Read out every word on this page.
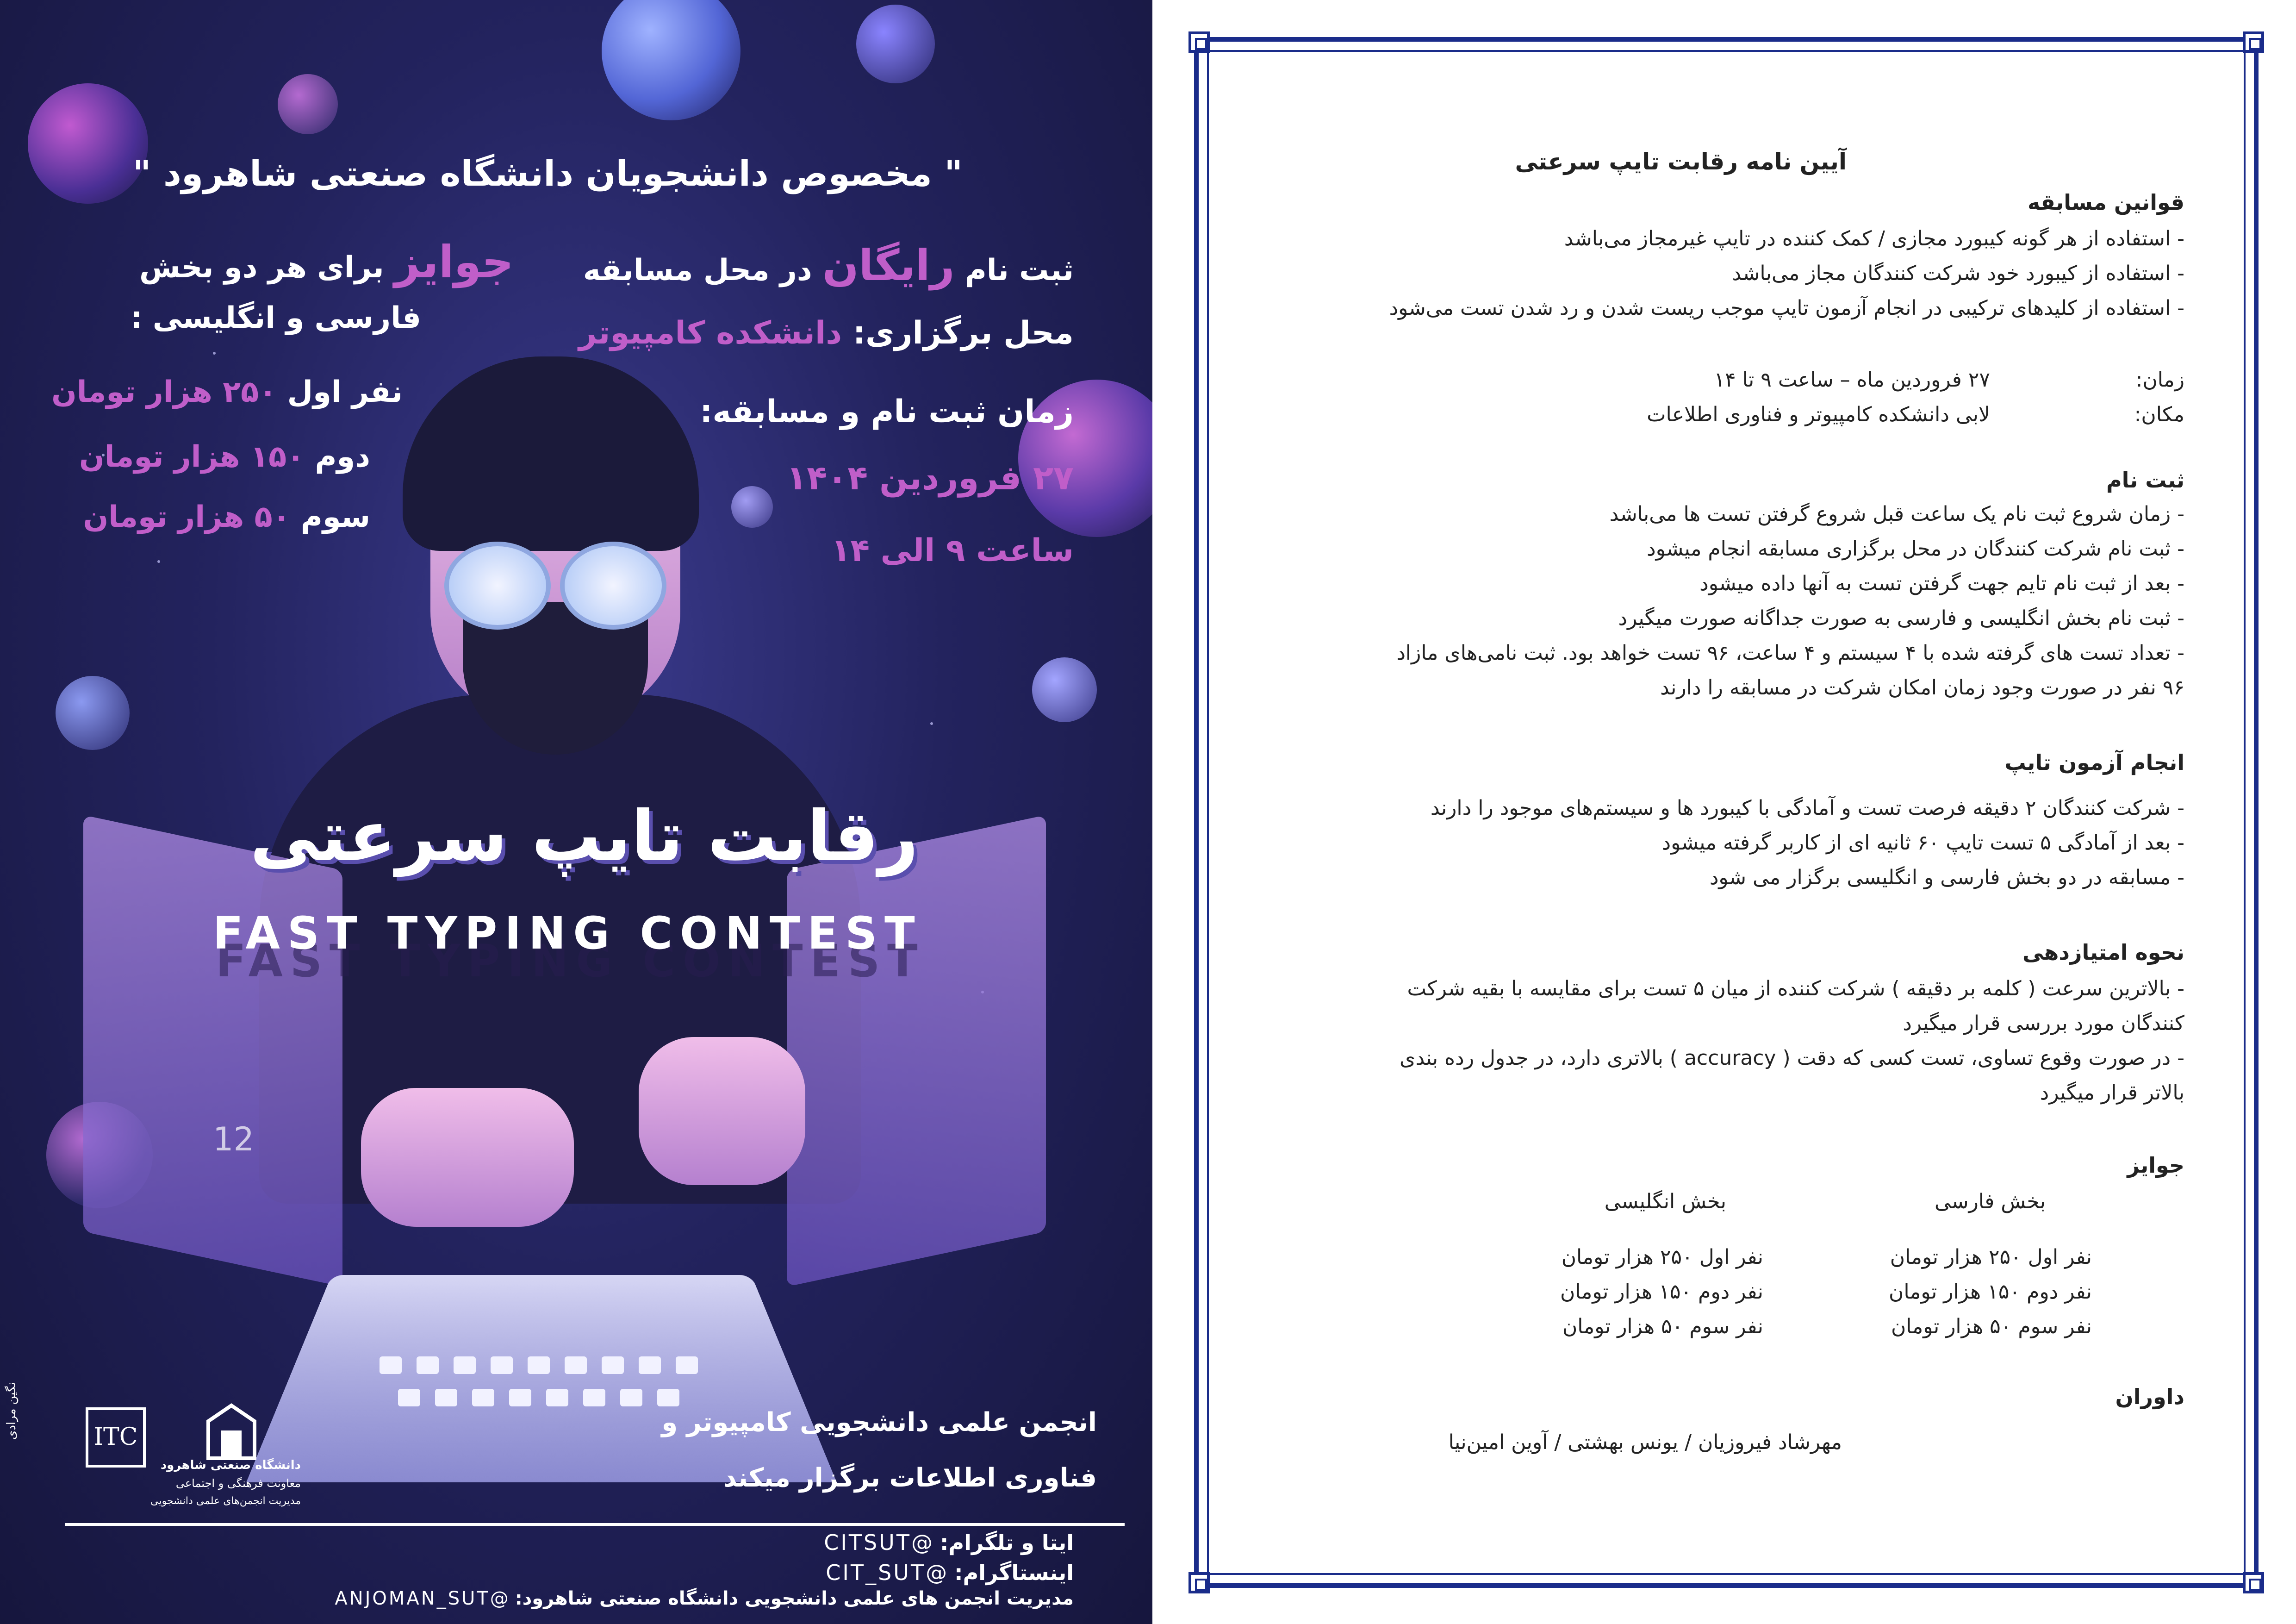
12
" مخصوص دانشجویان دانشگاه صنعتی شاهرود "
ثبت نام رایگان در محل مسابقه
جوایز برای هر دو بخش
فارسی و انگلیسی :	محل برگزاری: دانشکده کامپیوتر
زمان ثبت نام و مسابقه:
۲۷ فروردین ۱۴۰۴
ساعت ۹ الی ۱۴
نفر اول ۲۵۰ هزار تومان
دوم ۱۵۰ هزار تومان
سوم ۵۰ هزار تومان
رقابت تایپ سرعتی
FAST TYPING CONTEST
انجمن علمی دانشجویی کامپیوتر و
فناوری اطلاعات برگزار میکند
دانشگاه صنعتی شاهرود
معاونت فرهنگی و اجتماعی
مدیریت انجمن‌های علمی دانشجویی
ITC
نگین مرادی
ایتا و تلگرام: @CITSUT
اینستاگرام: @CIT_SUT
مدیریت انجمن های علمی دانشجویی دانشگاه صنعتی شاهرود: @ANJOMAN_SUT
آیین نامه رقابت تایپ سرعتی
قوانین مسابقه
- استفاده از هر گونه کیبورد مجازی / کمک کننده در تایپ غیرمجاز می‌باشد
- استفاده از کیبورد خود شرکت کنندگان مجاز می‌باشد
- استفاده از کلیدهای ترکیبی در انجام آزمون تایپ موجب ریست شدن و رد شدن تست می‌شود
زمان:
۲۷ فروردین ماه – ساعت ۹ تا ۱۴
مکان:
لابی دانشکده کامپیوتر و فناوری اطلاعات
ثبت نام
- زمان شروع ثبت نام یک ساعت قبل شروع گرفتن تست ها می‌باشد
- ثبت نام شرکت کنندگان در محل برگزاری مسابقه انجام میشود
- بعد از ثبت نام تایم جهت گرفتن تست به آنها داده میشود
- ثبت نام بخش انگلیسی و فارسی به صورت جداگانه صورت میگیرد
- تعداد تست های گرفته شده با ۴ سیستم و ۴ ساعت، ۹۶ تست خواهد بود. ثبت نامی‌های مازاد
۹۶ نفر در صورت وجود زمان امکان شرکت در مسابقه را دارند
انجام آزمون تایپ
- شرکت کنندگان ۲ دقیقه فرصت تست و آمادگی با کیبورد ها و سیستم‌های موجود را دارند
- بعد از آمادگی ۵ تست تایپ ۶۰ ثانیه ای از کاربر گرفته میشود
- مسابقه در دو بخش فارسی و انگلیسی برگزار می شود
نحوه امتیازدهی
- بالاترین سرعت ( کلمه بر دقیقه ) شرکت کننده از میان ۵ تست برای مقایسه با بقیه شرکت
کنندگان مورد بررسی قرار میگیرد
- در صورت وقوع تساوی، تست کسی که دقت ( accuracy ) بالاتری دارد، در جدول رده بندی
بالاتر قرار میگیرد
جوایز
بخش فارسی
بخش انگلیسی
نفر اول ۲۵۰ هزار تومان
نفر دوم ۱۵۰ هزار تومان
نفر سوم ۵۰ هزار تومان
نفر اول ۲۵۰ هزار تومان
نفر دوم ۱۵۰ هزار تومان
نفر سوم ۵۰ هزار تومان
داوران
مهرشاد فیروزیان / یونس بهشتی / آوین امین‌نیا
